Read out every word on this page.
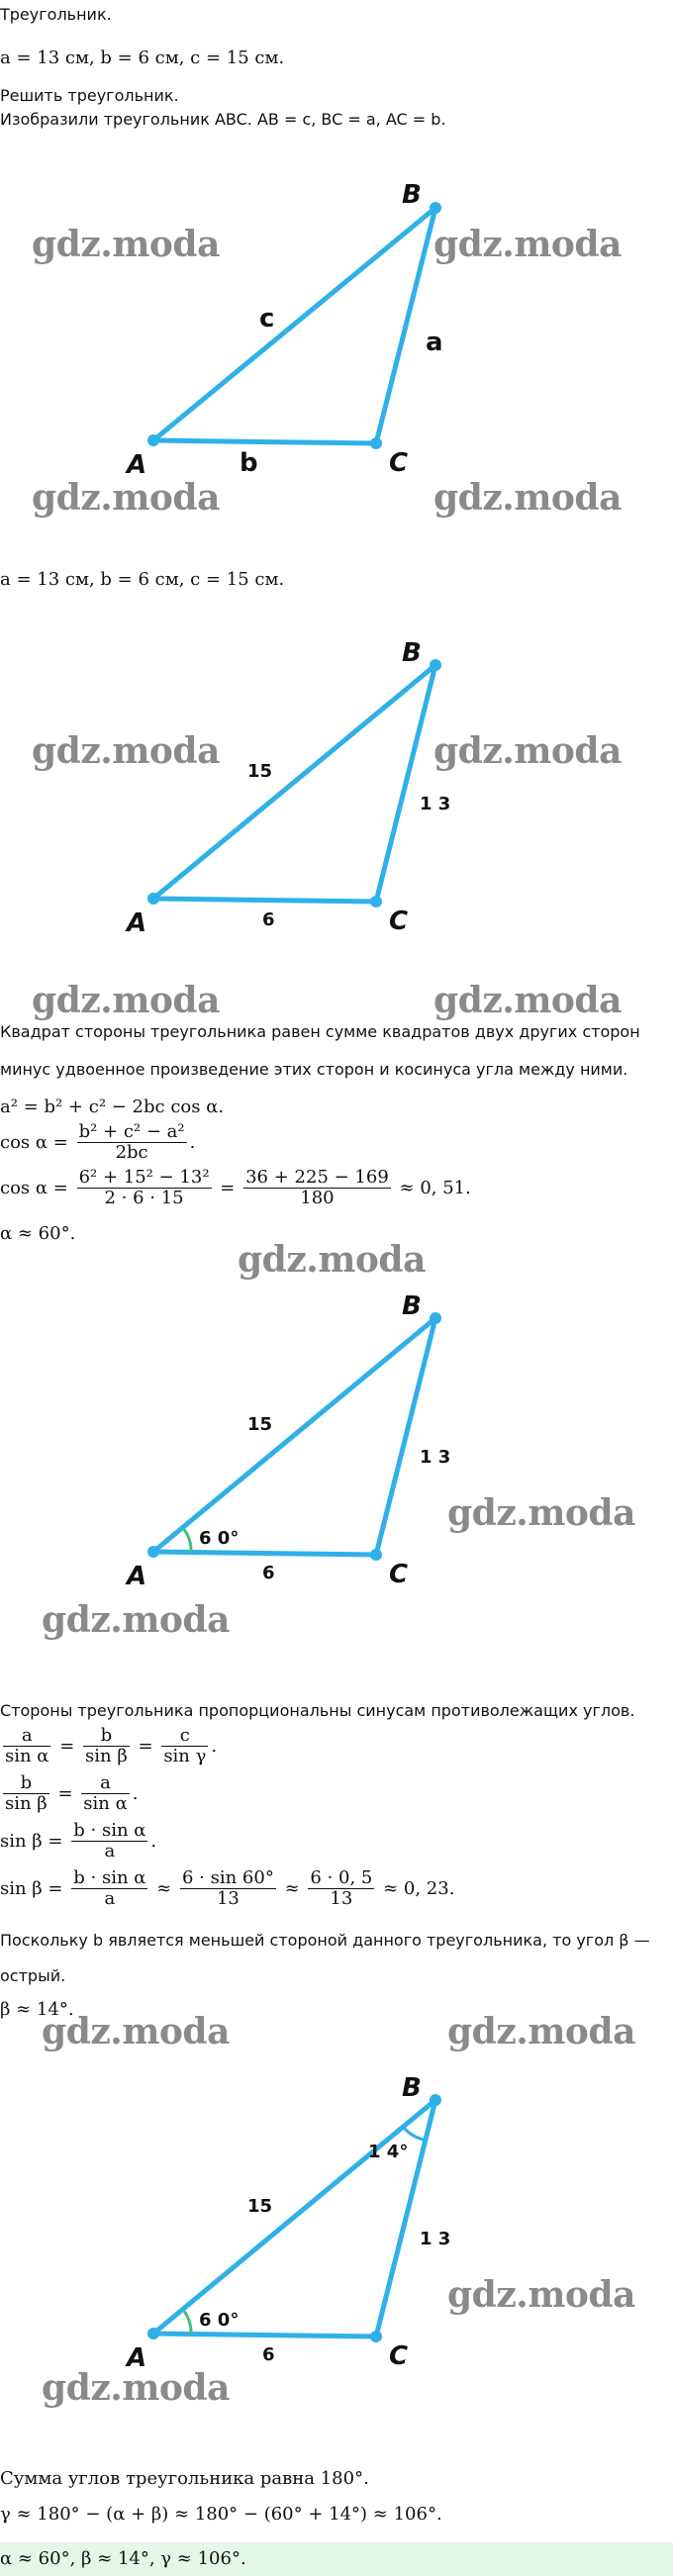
Треугольник.
a = 13 см, b = 6 см, c = 15 см.
Решить треугольник.
Изобразили треугольник ABC. AB = c, BC = a, AC = b.
A
B
C
c
a
b
gdz.moda	gdz.moda
gdz.moda	gdz.moda
a = 13 см, b = 6 см, c = 15 см.
A
B
C
15
1 3
6
gdz.moda	gdz.moda
gdz.moda	gdz.moda
Квадрат стороны треугольника равен сумме квадратов двух других сторон
минус удвоенное произведение этих сторон и косинуса угла между ними.
a² = b² + c² − 2bc cos α.
$\cos \alpha = \frac{\text{b² + c² − a²}}{2bc}$ .
$\cos \alpha = \frac{\text{6² + 15² − 13²}}{2 \cdot 6 \cdot 15} = \frac{36 + 225 - 169}{180} \approx 0$, 51.
α ≈ 60°.
gdz.moda
A
B
C
15
1 3
6
6 0°
gdz.moda
gdz.moda
Стороны треугольника пропорциональны синусам противолежащих углов.
$\frac{a}{\text{sin α}} = \frac{b}{\text{sin β}} = \frac{c}{\text{sin γ}}$ .
$\frac{b}{\text{sin β}} = \frac{a}{\text{sin α}}$ .
$\sin \beta = \frac{\text{b · sin α}}{a}$ .
$\sin \beta = \frac{\text{b · sin α}}{a} \approx \frac{6 \cdot \sin 60^\circ}{13} \approx \frac{6 \cdot 0, 5}{13} \approx 0$, 23.
Поскольку b является меньшей стороной данного треугольника, то угол β —
острый.
β ≈ 14°.
gdz.moda	gdz.moda
A
B
C
15
1 3
6
6 0°
1 4°
gdz.moda
gdz.moda
Сумма углов треугольника равна 180°.
γ ≈ 180° − (α + β) ≈ 180° − (60° + 14°) ≈ 106°.
α ≈ 60°, β ≈ 14°, γ ≈ 106°.
